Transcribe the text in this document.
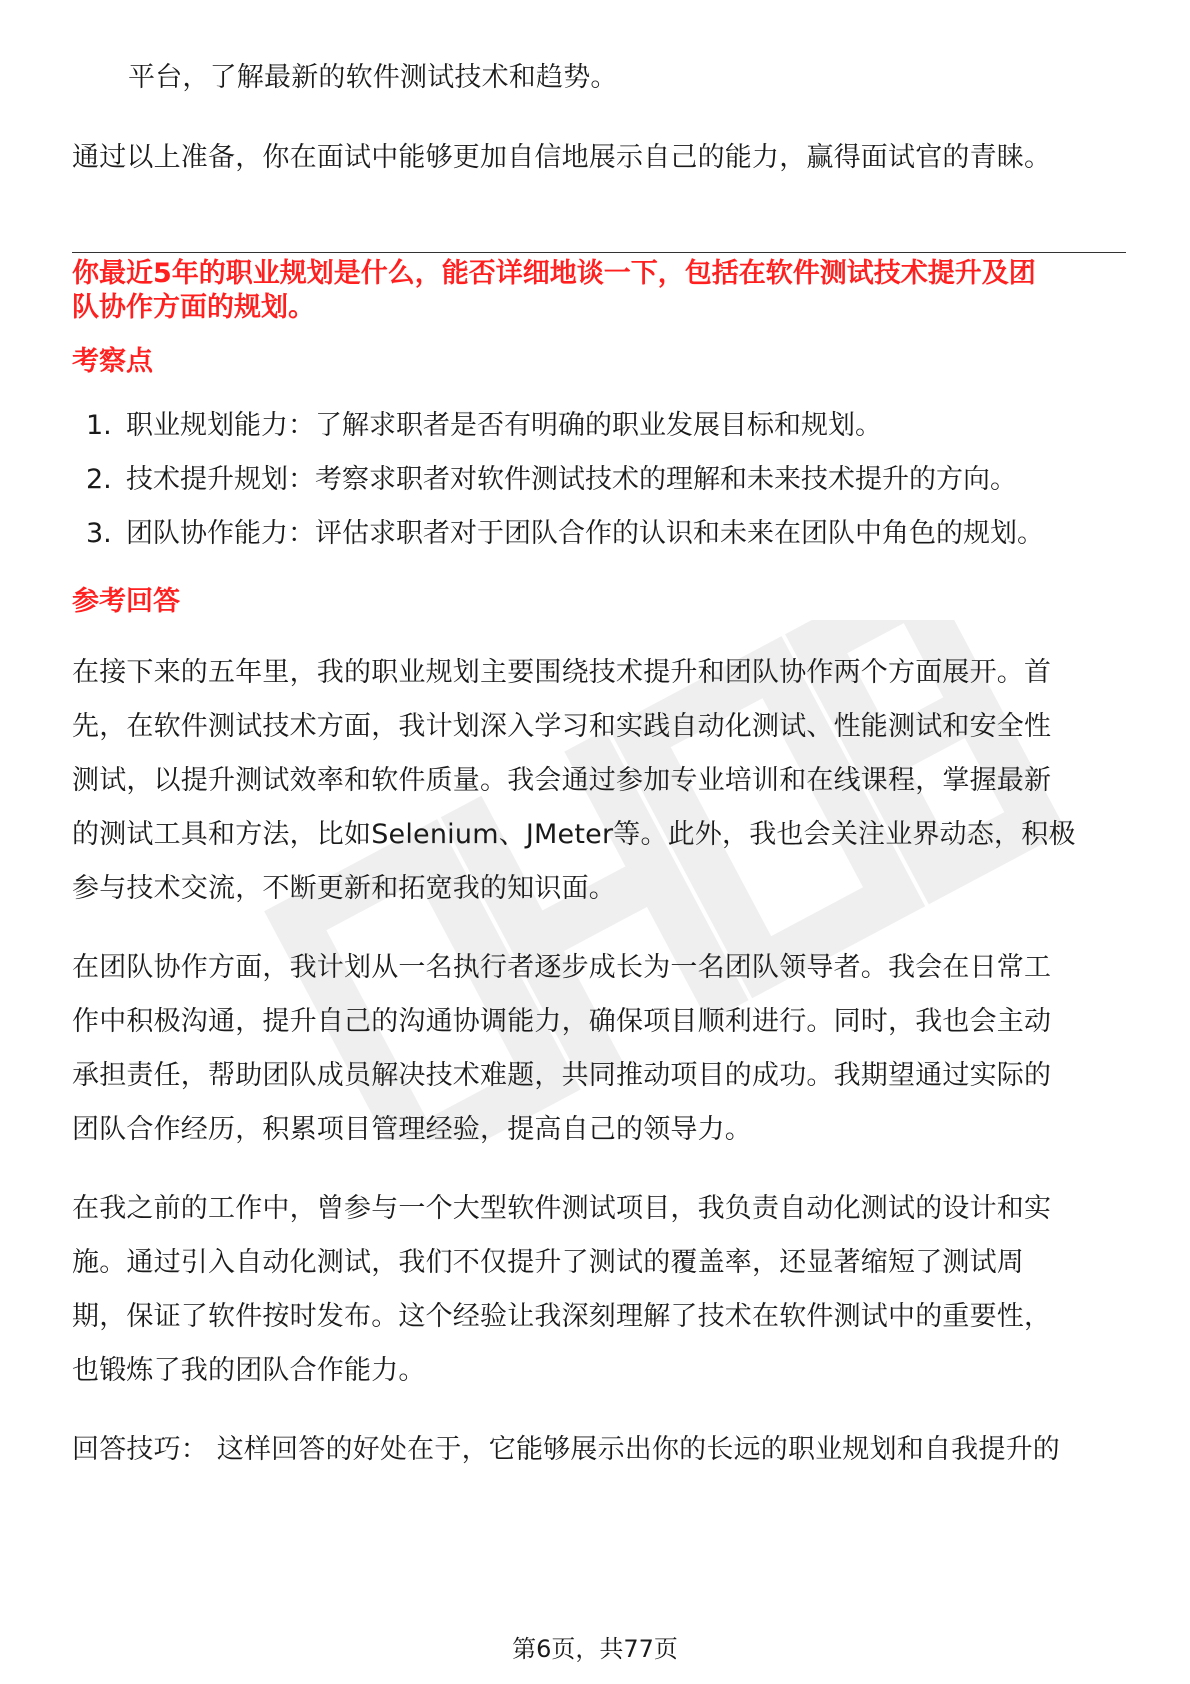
平台，了解最新的软件测试技术和趋势。
通过以上准备，你在面试中能够更加自信地展示自己的能力，赢得面试官的青睐。
你最近5年的职业规划是什么，能否详细地谈一下，包括在软件测试技术提升及团
队协作方面的规划。
考察点
1. 职业规划能力：了解求职者是否有明确的职业发展目标和规划。
2. 技术提升规划：考察求职者对软件测试技术的理解和未来技术提升的方向。
3. 团队协作能力：评估求职者对于团队合作的认识和未来在团队中角色的规划。
参考回答
在接下来的五年里，我的职业规划主要围绕技术提升和团队协作两个方面展开。首
先，在软件测试技术方面，我计划深入学习和实践自动化测试、性能测试和安全性
测试，以提升测试效率和软件质量。我会通过参加专业培训和在线课程，掌握最新
的测试工具和方法，比如Selenium、JMeter等。此外，我也会关注业界动态，积极
参与技术交流，不断更新和拓宽我的知识面。
在团队协作方面，我计划从一名执行者逐步成长为一名团队领导者。我会在日常工
作中积极沟通，提升自己的沟通协调能力，确保项目顺利进行。同时，我也会主动
承担责任，帮助团队成员解决技术难题，共同推动项目的成功。我期望通过实际的
团队合作经历，积累项目管理经验，提高自己的领导力。
在我之前的工作中，曾参与一个大型软件测试项目，我负责自动化测试的设计和实
施。通过引入自动化测试，我们不仅提升了测试的覆盖率，还显著缩短了测试周
期，保证了软件按时发布。这个经验让我深刻理解了技术在软件测试中的重要性，
也锻炼了我的团队合作能力。
回答技巧： 这样回答的好处在于，它能够展示出你的长远的职业规划和自我提升的
第6页，共77页
